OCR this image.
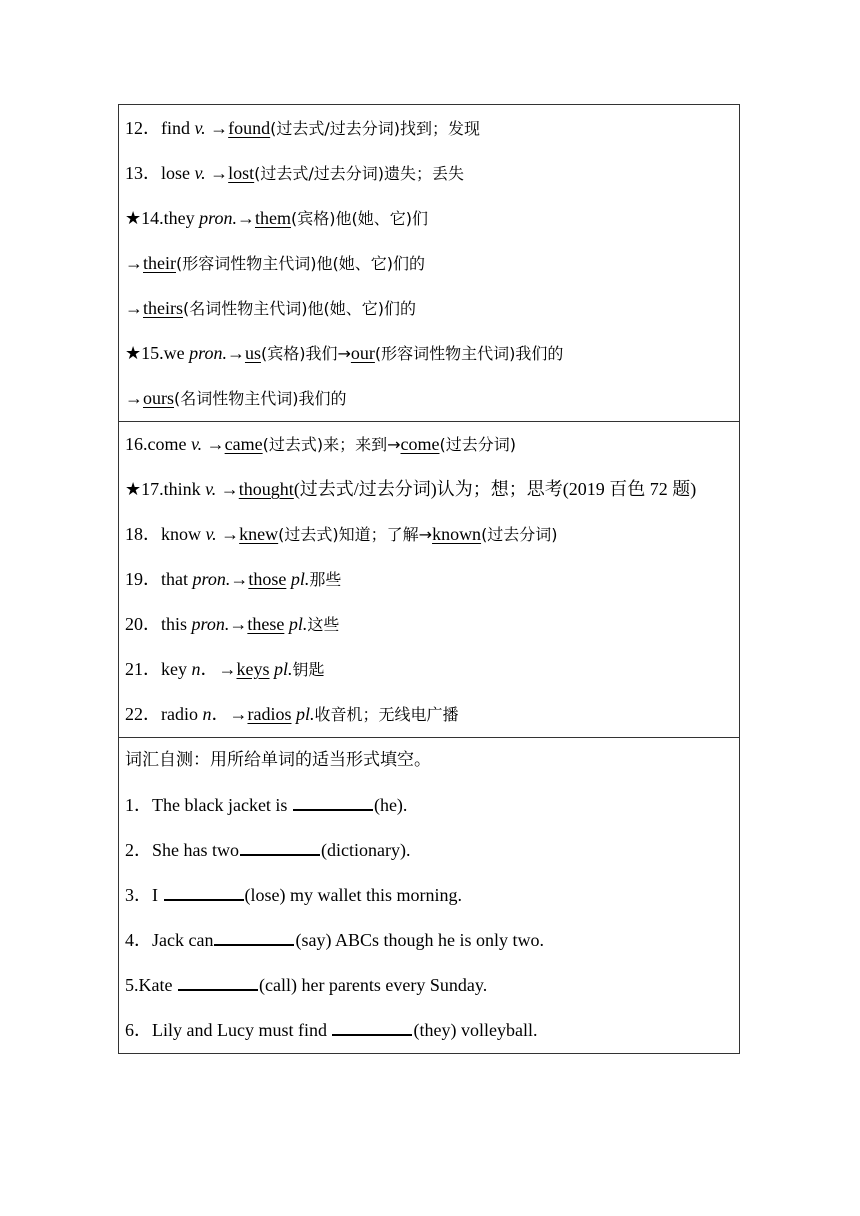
12．find v. →found(过去式/过去分词)找到；发现
13．lose v. →lost(过去式/过去分词)遗失；丢失
★14.they pron.→them(宾格)他(她、它)们
→their(形容词性物主代词)他(她、它)们的
→theirs(名词性物主代词)他(她、它)们的
★15.we pron.→us(宾格)我们→our(形容词性物主代词)我们的
→ours(名词性物主代词)我们的
16.come v. →came(过去式)来；来到→come(过去分词)
★17.think v. →thought(过去式/过去分词)认为；想；思考(2019 百色 72 题)
18．know v. →knew(过去式)知道；了解→known(过去分词)
19．that pron.→those pl.那些
20．this pron.→these pl.这些
21．key n．→keys pl.钥匙
22．radio n．→radios pl.收音机；无线电广播
词汇自测：用所给单词的适当形式填空。
1．The black jacket is	(he).
2．She has two	(dictionary).
3．I	(lose) my wallet this morning.
4．Jack can	(say) ABCs though he is only two.
5.Kate	(call) her parents every Sunday.
6．Lily and Lucy must find	(they) volleyball.
